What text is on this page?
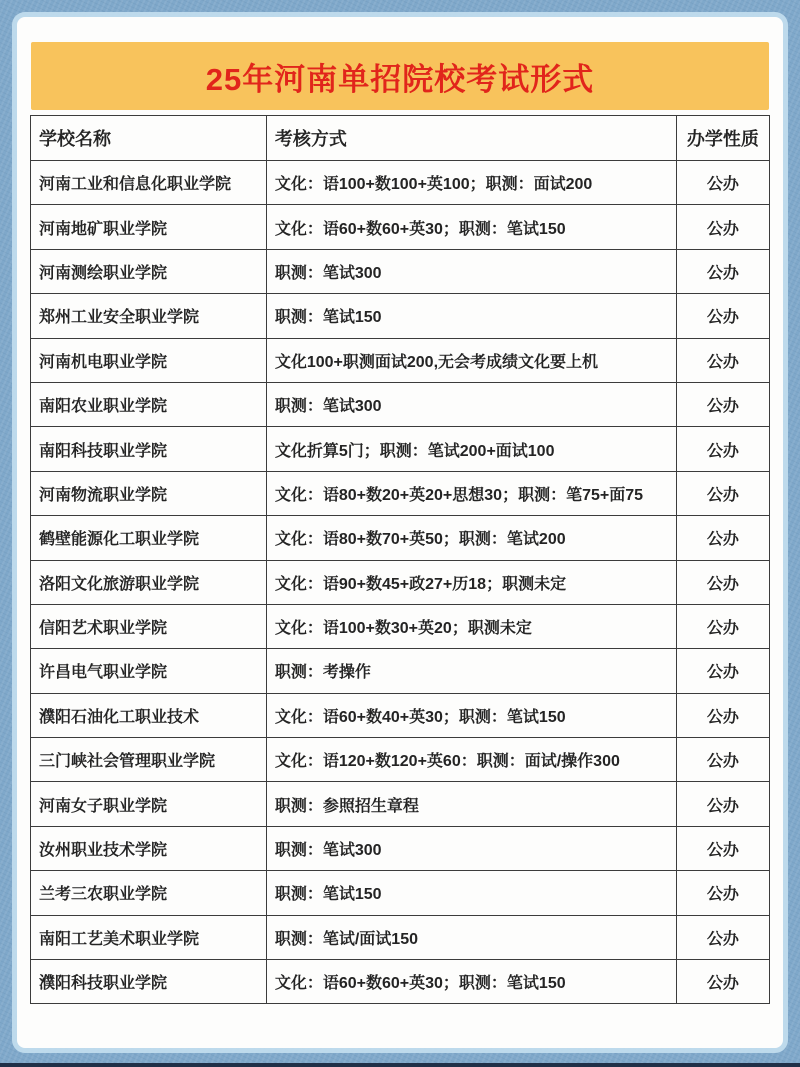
25年河南单招院校考试形式
学校名称	考核方式	办学性质
河南工业和信息化职业学院	文化：语100+数100+英100；职测：面试200	公办
河南地矿职业学院	文化：语60+数60+英30；职测：笔试150	公办
河南测绘职业学院	职测：笔试300	公办
郑州工业安全职业学院	职测：笔试150	公办
河南机电职业学院	文化100+职测面试200,无会考成绩文化要上机	公办
南阳农业职业学院	职测：笔试300	公办
南阳科技职业学院	文化折算5门；职测：笔试200+面试100	公办
河南物流职业学院	文化：语80+数20+英20+思想30；职测：笔75+面75	公办
鹤壁能源化工职业学院	文化：语80+数70+英50；职测：笔试200	公办
洛阳文化旅游职业学院	文化：语90+数45+政27+历18；职测未定	公办
信阳艺术职业学院	文化：语100+数30+英20；职测未定	公办
许昌电气职业学院	职测：考操作	公办
濮阳石油化工职业技术	文化：语60+数40+英30；职测：笔试150	公办
三门峡社会管理职业学院	文化：语120+数120+英60：职测：面试/操作300	公办
河南女子职业学院	职测：参照招生章程	公办
汝州职业技术学院	职测：笔试300	公办
兰考三农职业学院	职测：笔试150	公办
南阳工艺美术职业学院	职测：笔试/面试150	公办
濮阳科技职业学院	文化：语60+数60+英30；职测：笔试150	公办
